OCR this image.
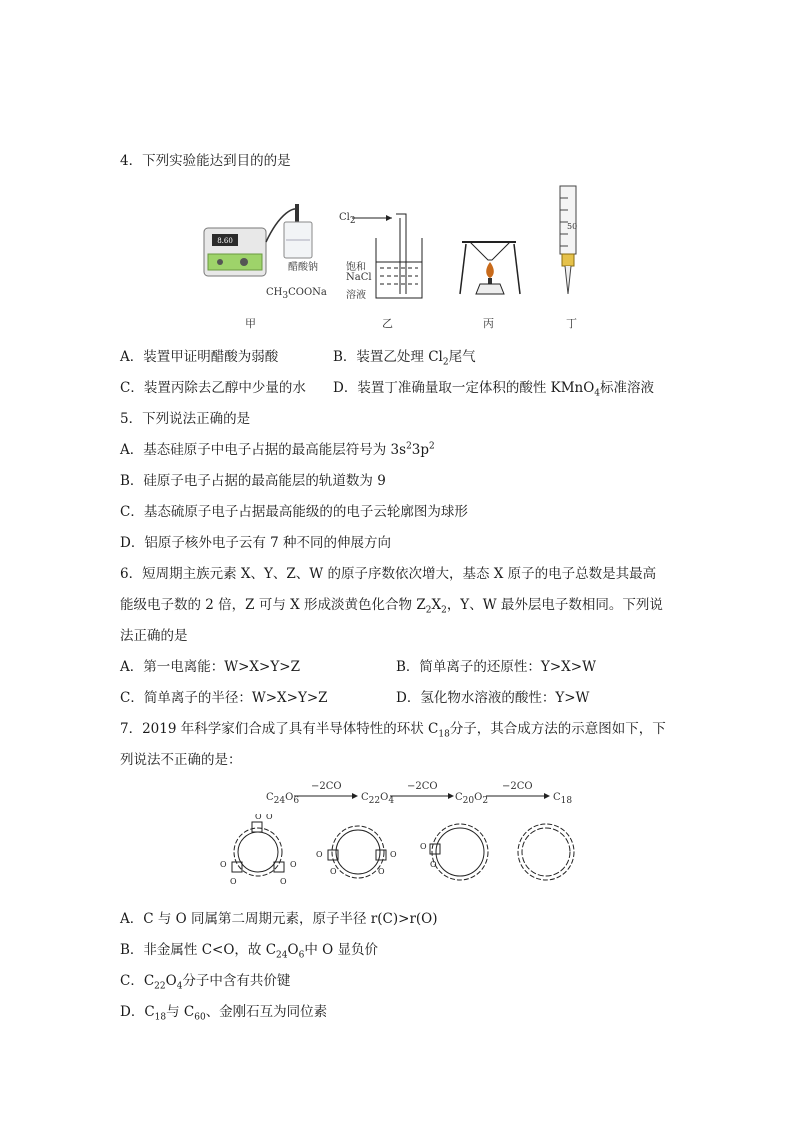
4．下列实验能达到目的的是
8.60
醋酸钠
$CH_3COONa$
$Cl_2$
饱和
NaCl
溶液
50
甲	乙	丙	丁
A．装置甲证明醋酸为弱酸	B．装置乙处理 $Cl_2$尾气
C．装置丙除去乙醇中少量的水 D．装置丁准确量取一定体积的酸性 KMnO$_4$标准溶液
5．下列说法正确的是
A．基态硅原子中电子占据的最高能层符号为 $3s^23p^2$
B．硅原子电子占据的最高能层的轨道数为 9
C．基态硫原子电子占据最高能级的的电子云轮廓图为球形
D．铝原子核外电子云有 7 种不同的伸展方向
6．短周期主族元素 X、Y、Z、W 的原子序数依次增大，基态 X 原子的电子总数是其最高
能级电子数的 2 倍，Z 可与 X 形成淡黄色化合物 $Z_2X_2$，Y、W 最外层电子数相同。下列说
法正确的是
A．第一电离能：W>X>Y>Z	B．简单离子的还原性：Y>X>W
C．简单离子的半径：W>X>Y>Z	D．氢化物水溶液的酸性：Y>W
7．2019 年科学家们合成了具有半导体特性的环状 $C_{18}$分子，其合成方法的示意图如下，下
列说法不正确的是：
$C_{24}O_6$	$C_{22}O_4$	$C_{20}O_2$	$C_{18}$
−2CO	−2CO	−2CO
O O
O
O	O
O
O
O	O
O
O
O
A．C 与 O 同属第二周期元素，原子半径 r(C)>r(O)
B．非金属性 C<O，故 $C_{24}O_6$中 O 显负价
C．$C_{22}O_4$分子中含有共价键
D．$C_{18}$与 $C_{60}$、金刚石互为同位素
